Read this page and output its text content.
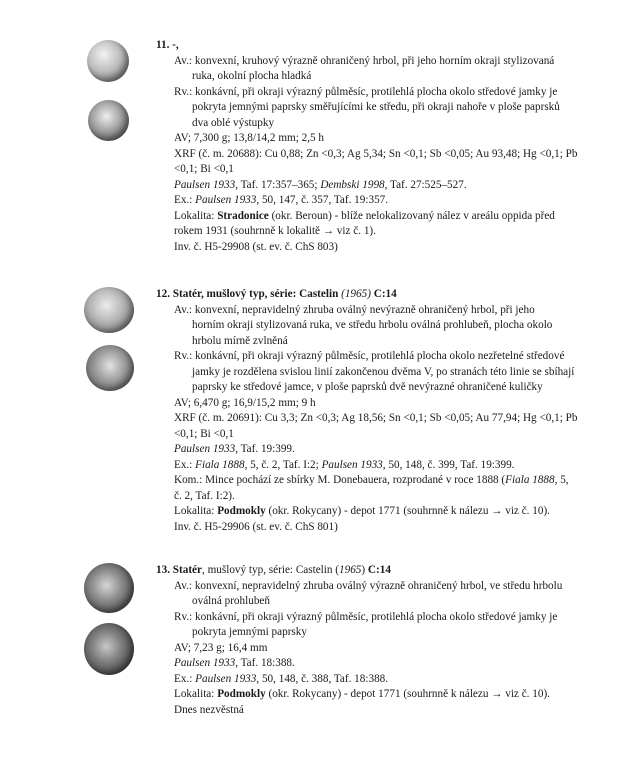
11. -,
Av.: konvexní, kruhový výrazně ohraničený hrbol, při jeho horním okraji stylizovaná
ruka, okolní plocha hladká
Rv.: konkávní, při okraji výrazný půlměsíc, protilehlá plocha okolo středové jamky je
pokryta jemnými paprsky směřujícími ke středu, při okraji nahoře v ploše paprsků
dva oblé výstupky
AV; 7,300 g; 13,8/14,2 mm; 2,5 h
XRF (č. m. 20688): Cu 0,88; Zn <0,3; Ag 5,34; Sn <0,1; Sb <0,05; Au 93,48; Hg <0,1; Pb
<0,1; Bi <0,1
Paulsen 1933, Taf. 17:357–365; Dembski 1998, Taf. 27:525–527.
Ex.: Paulsen 1933, 50, 147, č. 357, Taf. 19:357.
Lokalita: Stradonice (okr. Beroun) - blíže nelokalizovaný nález v areálu oppida před
rokem 1931 (souhrnně k lokalitě → viz č. 1).
Inv. č. H5-29908 (st. ev. č. ChS 803)
12. Statér, mušlový typ, série: Castelin (1965) C:14
Av.: konvexní, nepravidelný zhruba oválný nevýrazně ohraničený hrbol, při jeho
horním okraji stylizovaná ruka, ve středu hrbolu oválná prohlubeň, plocha okolo
hrbolu mírně zvlněná
Rv.: konkávní, při okraji výrazný půlměsíc, protilehlá plocha okolo nezřetelné středové
jamky je rozdělena svislou linií zakončenou dvěma V, po stranách této linie se sbíhají
paprsky ke středové jamce, v ploše paprsků dvě nevýrazné ohraničené kuličky
AV; 6,470 g; 16,9/15,2 mm; 9 h
XRF (č. m. 20691): Cu 3,3; Zn <0,3; Ag 18,56; Sn <0,1; Sb <0,05; Au 77,94; Hg <0,1; Pb
<0,1; Bi <0,1
Paulsen 1933, Taf. 19:399.
Ex.: Fiala 1888, 5, č. 2, Taf. I:2; Paulsen 1933, 50, 148, č. 399, Taf. 19:399.
Kom.: Mince pochází ze sbírky M. Donebauera, rozprodané v roce 1888 (Fiala 1888, 5,
č. 2, Taf. I:2).
Lokalita: Podmokly (okr. Rokycany) - depot 1771 (souhrnně k nálezu → viz č. 10).
Inv. č. H5-29906 (st. ev. č. ChS 801)
13. Statér, mušlový typ, série: Castelin (1965) C:14
Av.: konvexní, nepravidelný zhruba oválný výrazně ohraničený hrbol, ve středu hrbolu
oválná prohlubeň
Rv.: konkávní, při okraji výrazný půlměsíc, protilehlá plocha okolo středové jamky je
pokryta jemnými paprsky
AV; 7,23 g; 16,4 mm
Paulsen 1933, Taf. 18:388.
Ex.: Paulsen 1933, 50, 148, č. 388, Taf. 18:388.
Lokalita: Podmokly (okr. Rokycany) - depot 1771 (souhrnně k nálezu → viz č. 10).
Dnes nezvěstná
